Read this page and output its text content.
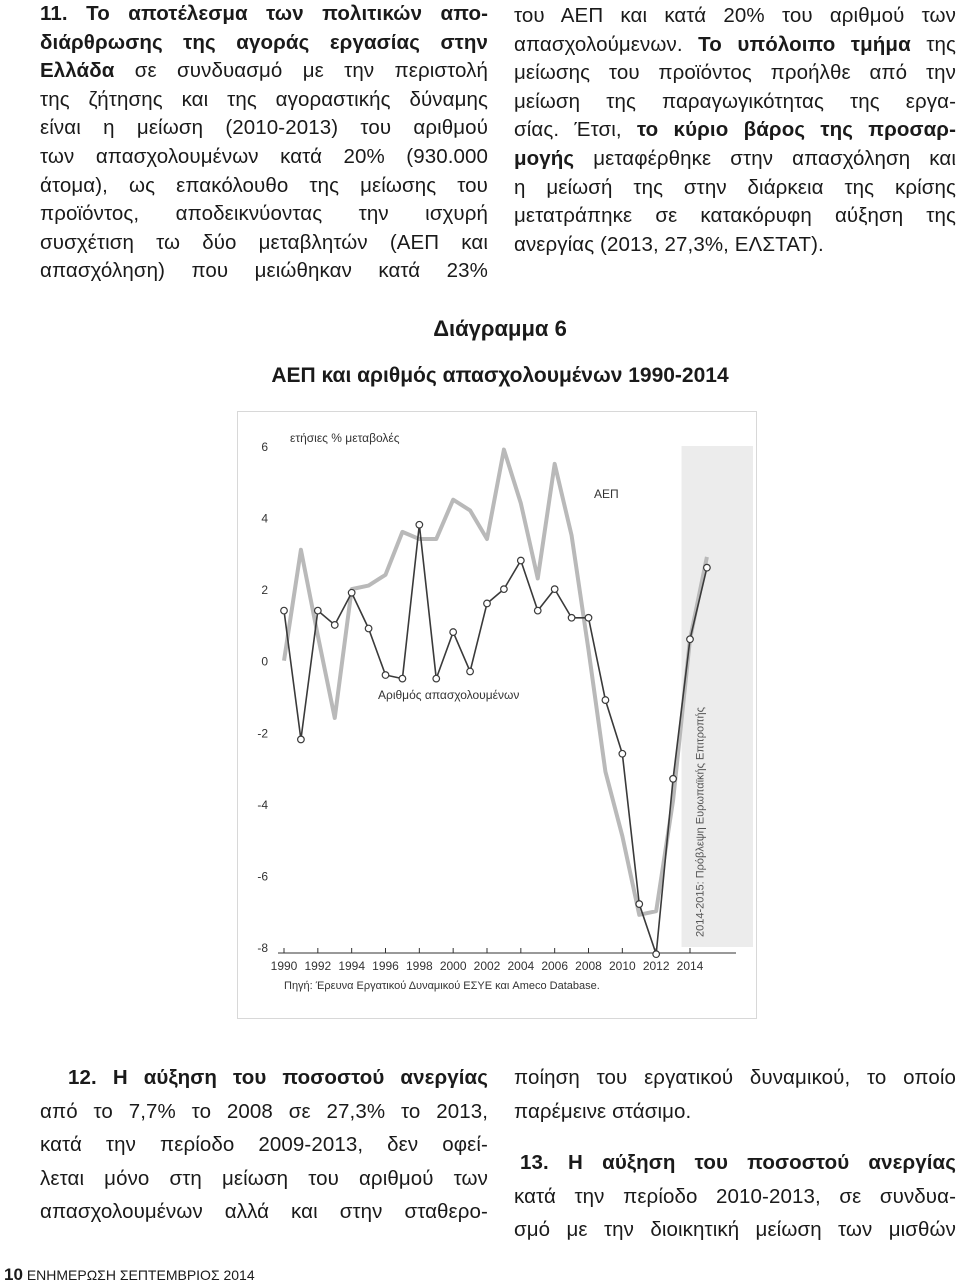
11. Το αποτέλεσμα των πολιτικών απο-

διάρθρωσης της αγοράς εργασίας στην

Ελλάδα σε συνδυασμό με την περιστολή

της ζήτησης και της αγοραστικής δύναμης

είναι η μείωση (2010-2013) του αριθμού

των απασχολουμένων κατά 20% (930.000

άτομα), ως επακόλουθο της μείωσης του

προϊόντος, αποδεικνύοντας την ισχυρή

συσχέτιση τω δύο μεταβλητών (ΑΕΠ και

απασχόληση) που μειώθηκαν κατά 23%

του ΑΕΠ και κατά 20% του αριθμού των

απασχολούμενων. Το υπόλοιπο τμήμα της

μείωσης του προϊόντος προήλθε από την

μείωση της παραγωγικότητας της εργα-

σίας. Έτσι, το κύριο βάρος της προσαρ-

μογής μεταφέρθηκε στην απασχόληση και

η μείωσή της στην διάρκεια της κρίσης

μετατράπηκε σε κατακόρυφη αύξηση της

ανεργίας (2013, 27,3%, ΕΛΣΤΑΤ).

Διάγραμμα 6
ΑΕΠ και αριθμός απασχολουμένων 1990-2014
2014-2015: Πρόβλεψη Ευρωπαϊκής Επιτροπής
6
4
2
0
-2
-4
-6
-8
ετήσιες % μεταβολές
1990 1992 1994 1996 1998 2000 2002 2004 2006 2008 2010 2012 2014
ΑΕΠ
Αριθμός απασχολουμένων
Πηγή: Έρευνα Εργατικού Δυναμικού ΕΣΥΕ και Ameco Database.

12. Η αύξηση του ποσοστού ανεργίας

από το 7,7% το 2008 σε 27,3% το 2013,

κατά την περίοδο 2009-2013, δεν οφεί-

λεται μόνο στη μείωση του αριθμού των

απασχολουμένων αλλά και στην σταθερο-

ποίηση του εργατικού δυναμικού, το οποίο

παρέμεινε στάσιμο.

13. Η αύξηση του ποσοστού ανεργίας

κατά την περίοδο 2010-2013, σε συνδυα-

σμό με την διοικητική μείωση των μισθών

10 ΕΝΗΜΕΡΩΣΗ ΣΕΠΤΕΜΒΡΙΟΣ 2014
